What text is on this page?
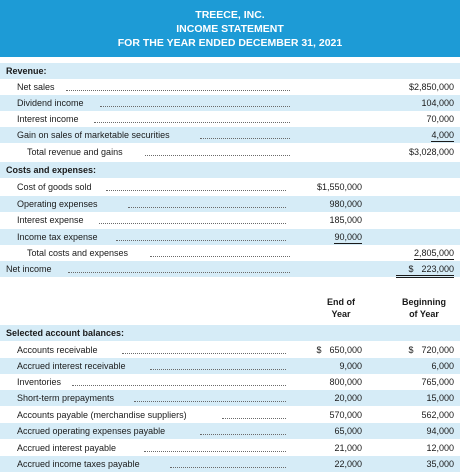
TREECE, INC.
INCOME STATEMENT
FOR THE YEAR ENDED DECEMBER 31, 2021
Revenue:
Net sales	$2,850,000
Dividend income	104,000
Interest income	70,000
Gain on sales of marketable securities	4,000
Total revenue and gains	$3,028,000
Costs and expenses:
Cost of goods sold	$1,550,000
Operating expenses	980,000
Interest expense	185,000
Income tax expense	90,000
Total costs and expenses	2,805,000
Net income	$ 223,000
End of
Year
Beginning
of Year
Selected account balances:
Accounts receivable	$ 650,000	$ 720,000
Accrued interest receivable	9,000	6,000
Inventories	800,000	765,000
Short-term prepayments	20,000	15,000
Accounts payable (merchandise suppliers)	570,000	562,000
Accrued operating expenses payable	65,000	94,000
Accrued interest payable	21,000	12,000
Accrued income taxes payable	22,000	35,000
